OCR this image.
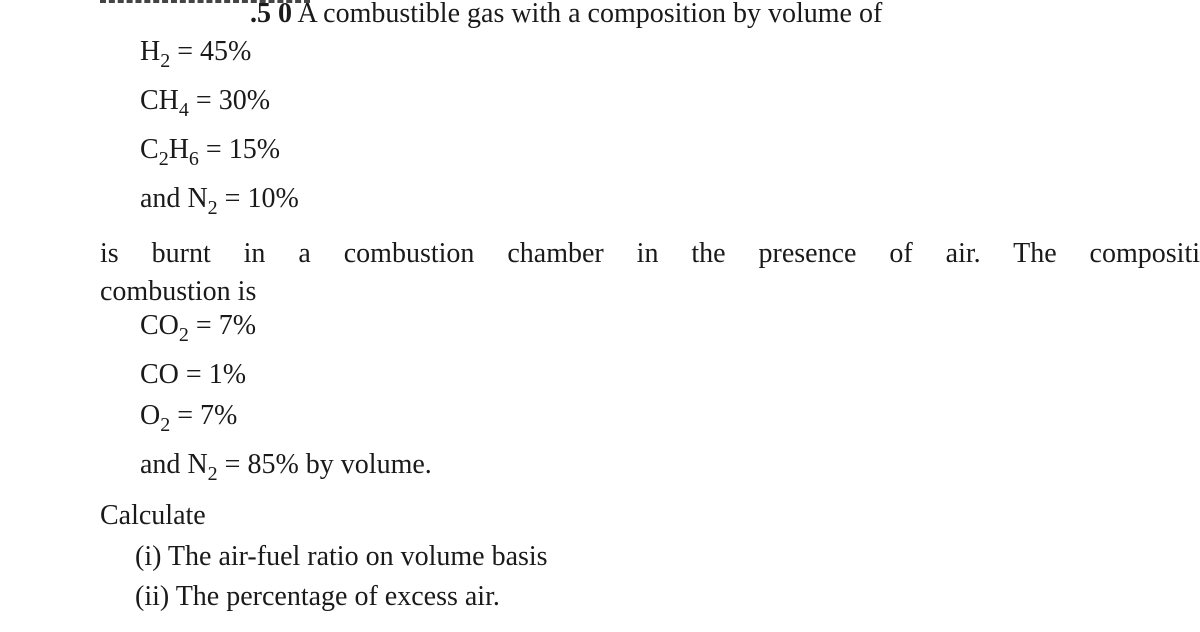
.5 0 A combustible gas with a composition by volume of
$H_2 = 45\%$
$CH_4 = 30\%$
$C_2H_6 = 15\%$
and $N_2 = 10\%$
is burnt in a combustion chamber in the presence of air. The compositi
combustion is
$CO_2 = 7\%$
CO = 1%
$O_2 = 7\%$
and $N_2 = 85\%$ by volume.
Calculate
(i) The air-fuel ratio on volume basis
(ii) The percentage of excess air.
